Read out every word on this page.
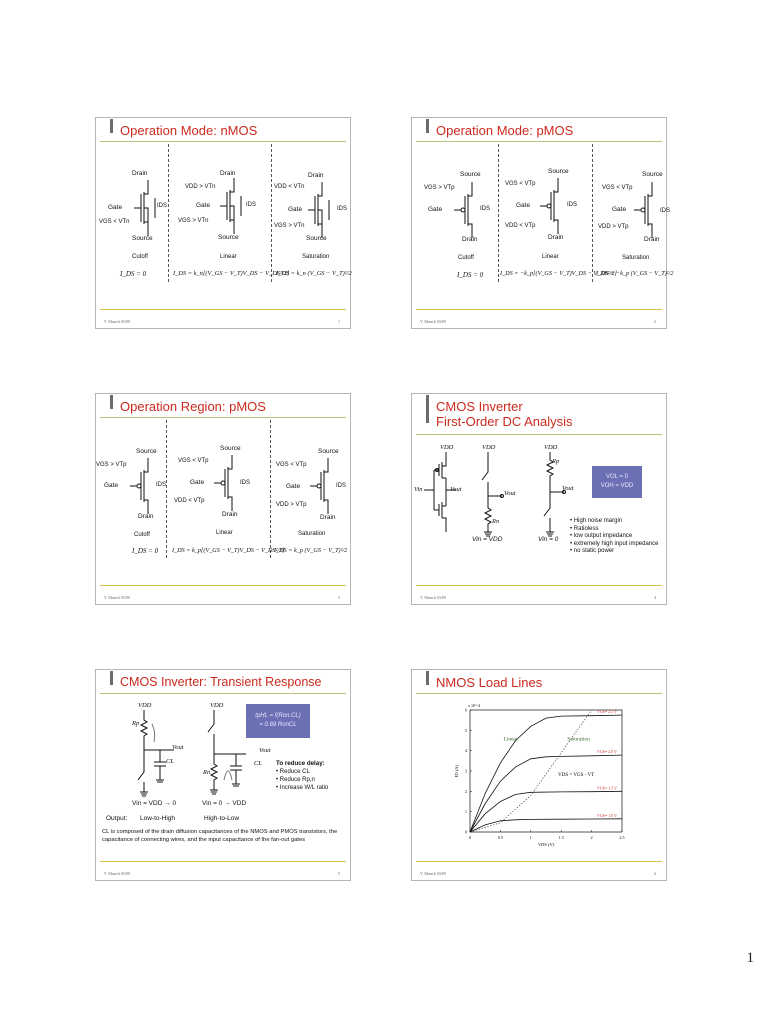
Operation Mode: nMOS
Drain
Gate
VGS < VTn
IDS
Source
Cutoff
I_DS = 0
Drain
VDD > VTn
Gate
VGS > VTn
IDS
Source
Linear
I_DS = k_n[(V_GS − V_T)V_DS − V_DS²/2]
Drain
VDD < VTn
Gate
VGS > VTn
IDS
Source
Saturation
I_DS = k_n (V_GS − V_T)²/2
V. Munch 03/09	1
Operation Mode: pMOS
Source
VGS > VTp
Gate	IDS
Drain
Cutoff
I_DS = 0
Source
VGS < VTp
Gate
VDD < VTp
IDS
Drain
Linear
I_DS = −k_p[(V_GS − V_T)V_DS − V_DS²/2]
Source
VGS < VTp
Gate
VDD > VTp
IDS
Drain
Saturation
I_DS = −k_p (V_GS − V_T)²/2
V. Munch 03/09	2
Operation Region: pMOS
Source
VGS > VTp
Gate	IDS
Drain
Cutoff
I_DS = 0
Source
VGS < VTp
Gate
VDD < VTp
IDS
Drain
Linear
I_DS = k_p[(V_GS − V_T)V_DS − V_DS²/2]
Source
VGS < VTp
Gate
VDD > VTp
IDS
Drain
Saturation
I_DS = k_p (V_GS − V_T)²/2
V. Munch 03/09	3
CMOS Inverter
First-Order DC Analysis
VDD	VDD	VDD
Vin	Vout
Vout
Vout
Rp
Rn
Vin = VDD	Vin = 0
VOL = 0
VOH = VDD
• High noise margin
• Ratioless
• low output impedance
• extremely high input impedance
• no static power
V. Munch 03/09	4
CMOS Inverter: Transient Response
VDD	VDD
Rp
Rn
Vout	Vout
CL	CL
tpHL = f(Ron.CL)
= 0.69 RonCL
To reduce delay:
• Reduce CL
• Reduce Rp,n
• Increase W/L ratio
Vin = VDD → 0	Vin = 0 → VDD
Output: Low-to-High	High-to-Low
CL is composed of the drain diffusion capacitances of the NMOS and PMOS transistors, the capacitance of connecting wires, and the input capacitance of the fan-out gates
V. Munch 03/09	5
NMOS Load Lines
0	0.5	1	1.5	2	2.5
0
1
2
3
4
5
6
x 10^-4
VDS (V)
ID (A)
VGS= 2.5 V
VGS= 2.0 V
VGS= 1.5 V
VGS= 1.0 V
Linear	Saturation
VDS = VGS - VT
V. Munch 03/09	6
1
